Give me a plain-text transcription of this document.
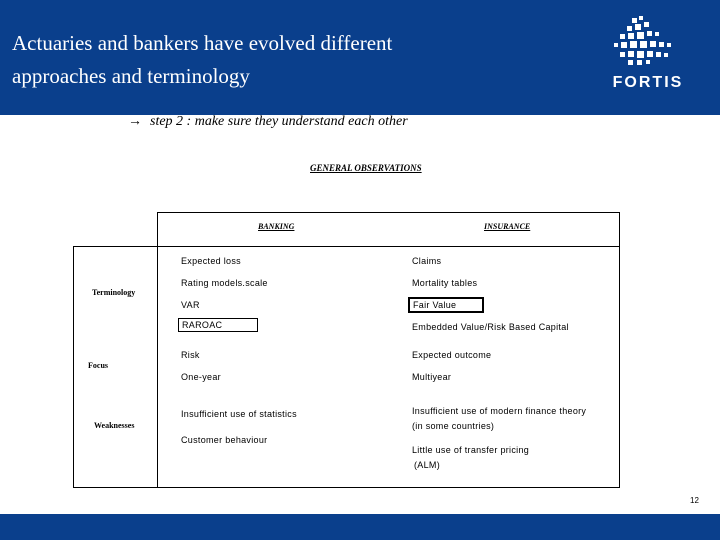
Actuaries and bankers have evolved different
approaches and terminology	FORTIS
→ step 2 : make sure they understand each other
GENERAL OBSERVATIONS
BANKING	INSURANCE
Terminology
Expected loss
Rating models.scale
VAR
RAROAC
Claims
Mortality tables
Fair Value
Embedded Value/Risk Based Capital
Focus
Risk
One-year
Expected outcome
Multiyear
Weaknesses
Insufficient use of statistics
Customer behaviour
Insufficient use of modern finance theory
(in some countries)
Little use of transfer pricing
(ALM)
12
